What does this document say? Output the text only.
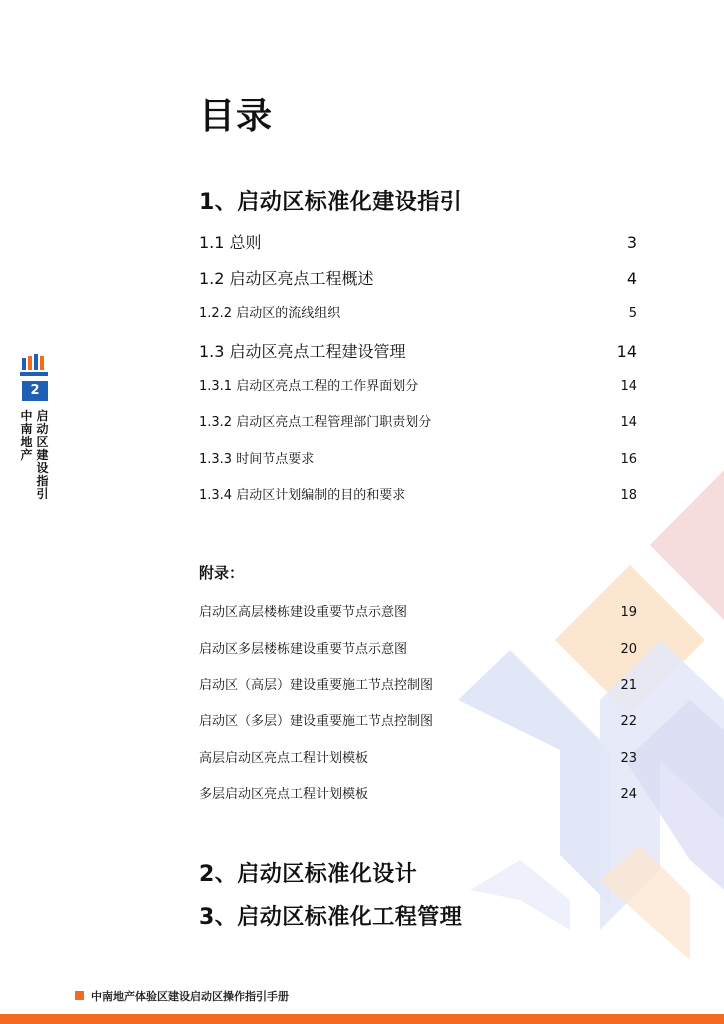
2
中南地产
启动区建设指引
目录
1、启动区标准化建设指引
1.1 总则	3
1.2 启动区亮点工程概述	4
1.2.2 启动区的流线组织	5
1.3 启动区亮点工程建设管理	14
1.3.1 启动区亮点工程的工作界面划分	14
1.3.2 启动区亮点工程管理部门职责划分	14
1.3.3 时间节点要求	16
1.3.4 启动区计划编制的目的和要求	18
附录：
启动区高层楼栋建设重要节点示意图	19
启动区多层楼栋建设重要节点示意图	20
启动区（高层）建设重要施工节点控制图	21
启动区（多层）建设重要施工节点控制图	22
高层启动区亮点工程计划模板	23
多层启动区亮点工程计划模板	24
2、启动区标准化设计
3、启动区标准化工程管理
中南地产体验区建设启动区操作指引手册
